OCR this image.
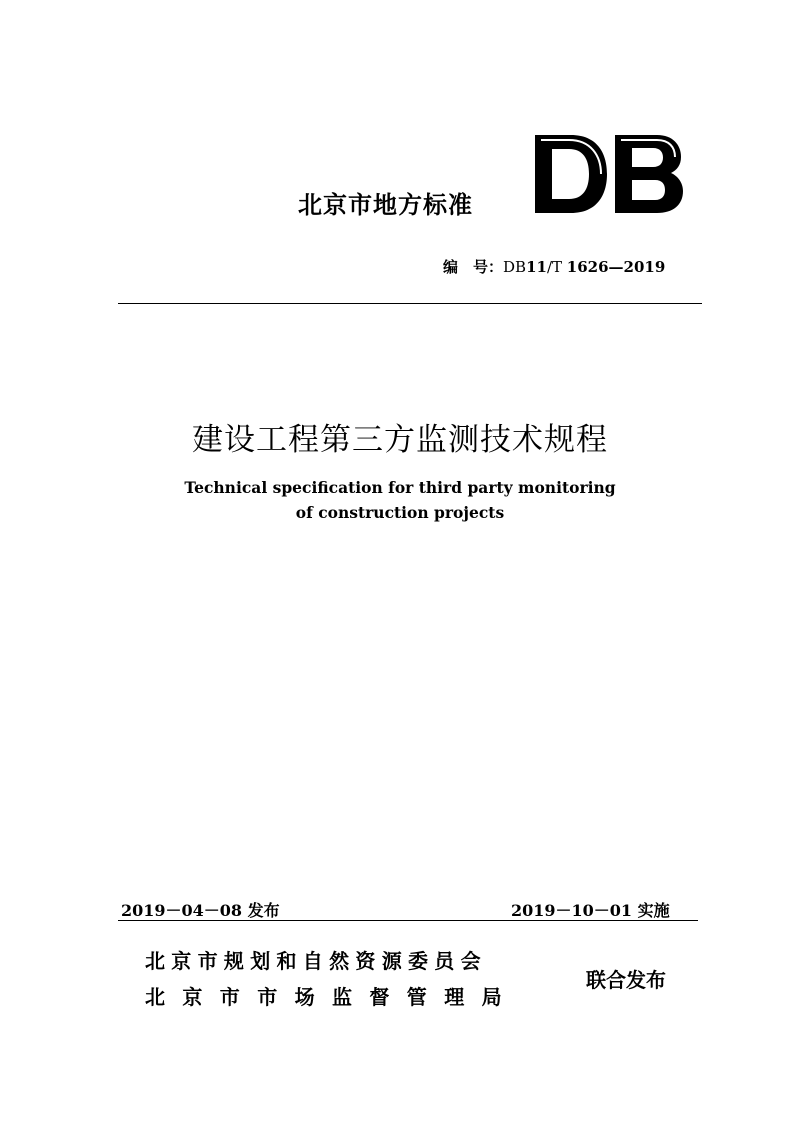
北京市地方标准
编　号：DB11/T 1626—2019
建设工程第三方监测技术规程
Technical specification for third party monitoring
of construction projects
2019－04－08 发布	2019－10－01 实施
北京市规划和自然资源委员会
北京市市场监督管理局
联合发布
